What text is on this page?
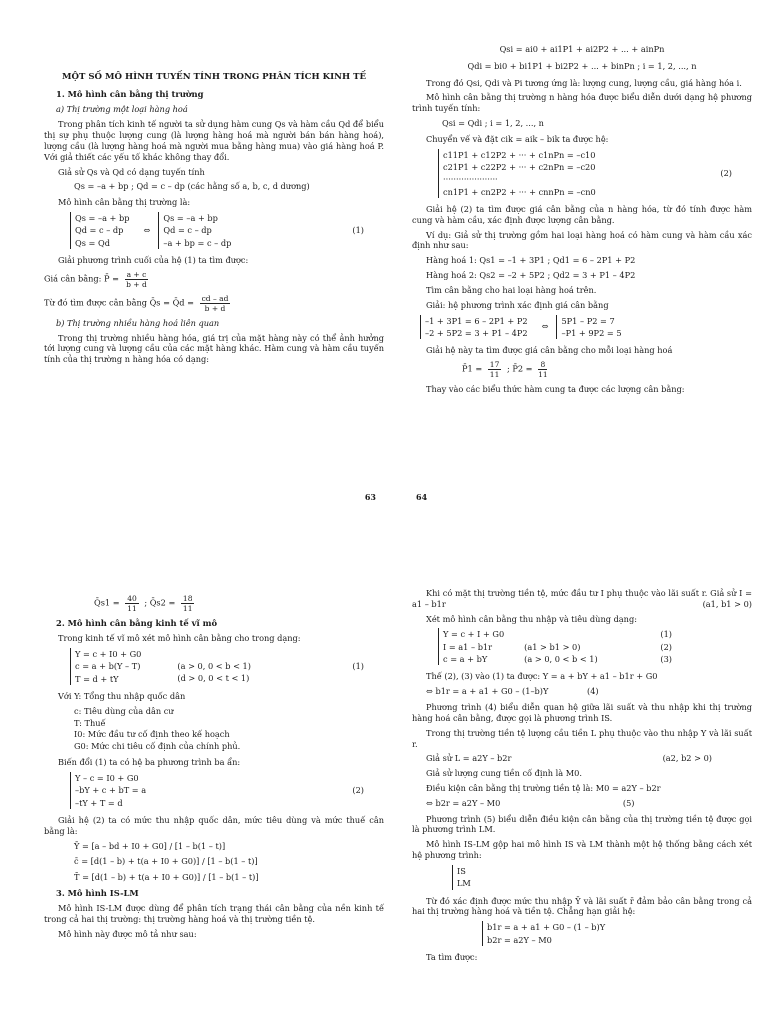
MỘT SỐ MÔ HÌNH TUYẾN TÍNH TRONG PHÂN TÍCH KINH TẾ
1. Mô hình cân bằng thị trường
a) Thị trường một loại hàng hoá

Trong phân tích kinh tế người ta sử dụng hàm cung Qs và hàm cầu Qd để biểu thị sự phụ thuộc lượng cung (là lượng hàng hoá mà người bán bán hàng hoá), lượng cầu (là lượng hàng hoá mà người mua bằng hàng mua) vào giá hàng hoá P. Với giả thiết các yếu tố khác không thay đổi.

Giả sử Qs và Qd có dạng tuyến tính

Qs = –a + bp ; Qd = c – dp (các hằng số a, b, c, d dương)

Mô hình cân bằng thị trường là:

Qs = –a + bp
Qd = c – dp
Qs = Qd
⇔
Qs = –a + bp
Qd = c – dp
–a + bp = c – dp
(1)

Giải phương trình cuối của hệ (1) ta tìm được:

Giá cân bằng: P̄ = $\frac{a + c}{b + d}$
Từ đó tìm được cân bằng Q̄s = Q̄d = $\frac{cd - ad}{b + d}$
b) Thị trường nhiều hàng hoá liên quan

Trong thị trường nhiều hàng hóa, giá trị của mặt hàng này có thể ảnh hưởng tới lượng cung và lượng cầu của các mặt hàng khác. Hàm cung và hàm cầu tuyến tính của thị trường n hàng hóa có dạng:

63
Qsi = ai0 + ai1P1 + ai2P2 + ... + ainPn
Qdi = bi0 + bi1P1 + bi2P2 + ... + binPn ; i = 1, 2, ..., n

Trong đó Qsi, Qdi và Pi tương ứng là: lượng cung, lượng cầu, giá hàng hóa i.

Mô hình cân bằng thị trường n hàng hóa được biểu diễn dưới dạng hệ phương trình tuyến tính:

Qsi = Qdi ; i = 1, 2, ..., n

Chuyển vế và đặt cik = aik – bik ta được hệ:

c11P1 + c12P2 + ··· + c1nPn = –c10
c21P1 + c22P2 + ··· + c2nPn = –c20
·····················
cn1P1 + cn2P2 + ··· + cnnPn = –cn0
(2)

Giải hệ (2) ta tìm được giá cân bằng của n hàng hóa, từ đó tính được hàm cung và hàm cầu, xác định được lượng cân bằng.

Ví dụ: Giả sử thị trường gồm hai loại hàng hoá có hàm cung và hàm cầu xác định như sau:

Hàng hoá 1: Qs1 = –1 + 3P1 ; Qd1 = 6 – 2P1 + P2

Hàng hoá 2: Qs2 = –2 + 5P2 ; Qd2 = 3 + P1 – 4P2

Tìm cân bằng cho hai loại hàng hoá trên.

Giải: hệ phương trình xác định giá cân bằng

–1 + 3P1 = 6 – 2P1 + P2
–2 + 5P2 = 3 + P1 – 4P2
⇔
5P1 – P2 = 7
–P1 + 9P2 = 5

Giải hệ này ta tìm được giá cân bằng cho mỗi loại hàng hoá

P̄1 = $\frac{17}{11}$ ; P̄2 = $\frac{8}{11}$

Thay vào các biểu thức hàm cung ta được các lượng cân bằng:

64
Q̄s1 = $\frac{40}{11}$ ; Q̄s2 = $\frac{18}{11}$
2. Mô hình cân bằng kinh tế vĩ mô

Trong kinh tế vĩ mô xét mô hình cân bằng cho trong dạng:

Y = c + I0 + G0
c = a + b(Y – T)
T = d + tY
(a > 0, 0 < b < 1)
(d > 0, 0 < t < 1)
(1)

Với Y: Tổng thu nhập quốc dân

c: Tiêu dùng của dân cư
T: Thuế
I0: Mức đầu tư cố định theo kế hoạch
G0: Mức chi tiêu cố định của chính phủ.

Biến đổi (1) ta có hệ ba phương trình ba ẩn:

Y – c = I0 + G0
–bY + c + bT = a
–tY + T = d
(2)

Giải hệ (2) ta có mức thu nhập quốc dân, mức tiêu dùng và mức thuế cân bằng là:

Ȳ = [a – bd + I0 + G0] / [1 – b(1 – t)]
c̄ = [d(1 – b) + t(a + I0 + G0)] / [1 – b(1 – t)]
T̄ = [d(1 – b) + t(a + I0 + G0)] / [1 – b(1 – t)]
3. Mô hình IS-LM

Mô hình IS-LM được dùng để phân tích trạng thái cân bằng của nền kinh tế trong cả hai thị trường: thị trường hàng hoá và thị trường tiền tệ.

Mô hình này được mô tả như sau:

Khi có mặt thị trường tiền tệ, mức đầu tư I phụ thuộc vào lãi suất r. Giả sử I = a1 – b1r	(a1, b1 > 0)

Xét mô hình cân bằng thu nhập và tiêu dùng dạng:

Y = c + I + G0
I = a1 – b1r
c = a + bY
(a1 > b1 > 0)
(a > 0, 0 < b < 1)
(1)
(2)
(3)

Thế (2), (3) vào (1) ta được: Y = a + bY + a1 – b1r + G0

⇔ b1r = a + a1 + G0 – (1–b)Y	(4)

Phương trình (4) biểu diễn quan hệ giữa lãi suất và thu nhập khi thị trường hàng hoá cân bằng, được gọi là phương trình IS.

Trong thị trường tiền tệ lượng cầu tiền L phụ thuộc vào thu nhập Y và lãi suất r.

Giả sử L = a2Y – b2r	(a2, b2 > 0)

Giả sử lượng cung tiền cố định là M0.

Điều kiện cân bằng thị trường tiền tệ là: M0 = a2Y – b2r

⇔ b2r = a2Y – M0	(5)

Phương trình (5) biểu diễn điều kiện cân bằng của thị trường tiền tệ được gọi là phương trình LM.

Mô hình IS-LM gộp hai mô hình IS và LM thành một hệ thống bằng cách xét hệ phương trình:

IS
LM

Từ đó xác định được mức thu nhập Ȳ và lãi suất r̄ đảm bảo cân bằng trong cả hai thị trường hàng hoá và tiền tệ. Chẳng hạn giải hệ:

b1r = a + a1 + G0 – (1 – b)Y
b2r = a2Y – M0

Ta tìm được:
